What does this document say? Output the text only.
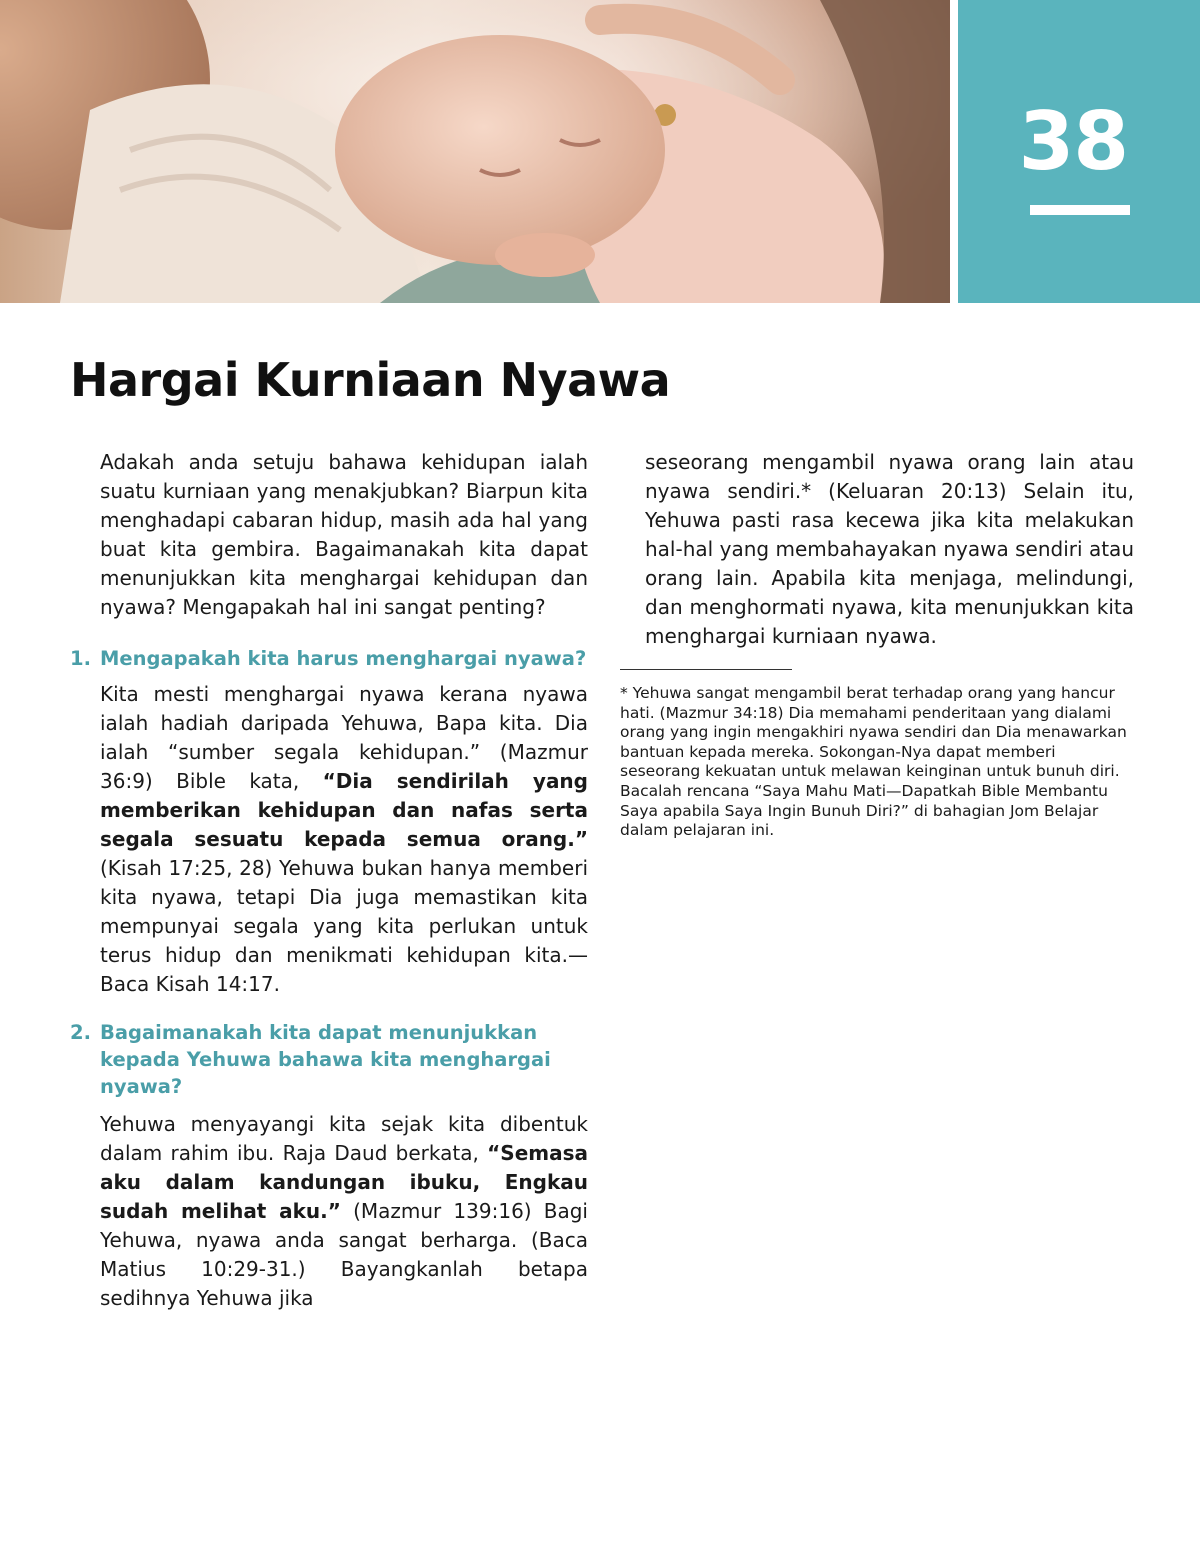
38
Hargai Kurniaan Nyawa

Adakah anda setuju bahawa kehidupan ialah suatu kurniaan yang menakjubkan? Biarpun kita menghadapi cabaran hidup, masih ada hal yang buat kita gembira. Bagaimanakah kita dapat menunjukkan kita menghargai kehidupan dan nyawa? Mengapakah hal ini sangat penting?

1. Mengapakah kita harus menghargai nyawa?

Kita mesti menghargai nyawa kerana nyawa ialah hadiah daripada Yehuwa, Bapa kita. Dia ialah “sumber segala kehidupan.” (Mazmur 36:9) Bible kata, “Dia sendirilah yang memberikan kehidupan dan nafas serta segala sesuatu kepada semua orang.” (Kisah 17:25, 28) Yehuwa bukan hanya memberi kita nyawa, tetapi Dia juga memastikan kita mempunyai segala yang kita perlukan untuk terus hidup dan menikmati kehidupan kita.—Baca Kisah 14:17.

2. Bagaimanakah kita dapat menunjukkan kepada Yehuwa bahawa kita menghargai nyawa?

Yehuwa menyayangi kita sejak kita dibentuk dalam rahim ibu. Raja Daud berkata, “Semasa aku dalam kandungan ibuku, Engkau sudah melihat aku.” (Mazmur 139:16) Bagi Yehuwa, nyawa anda sangat berharga. (Baca Matius 10:29-31.) Bayangkanlah betapa sedihnya Yehuwa jika

seseorang mengambil nyawa orang lain atau nyawa sendiri.* (Keluaran 20:13) Selain itu, Yehuwa pasti rasa kecewa jika kita melakukan hal-hal yang membahayakan nyawa sendiri atau orang lain. Apabila kita menjaga, melindungi, dan menghormati nyawa, kita menunjukkan kita menghargai kurniaan nyawa.

* Yehuwa sangat mengambil berat terhadap orang yang hancur hati. (Mazmur 34:18) Dia memahami penderitaan yang dialami orang yang ingin mengakhiri nyawa sendiri dan Dia menawarkan bantuan kepada mereka. Sokongan-Nya dapat memberi seseorang kekuatan untuk melawan keinginan untuk bunuh diri. Bacalah rencana “Saya Mahu Mati—Dapatkah Bible Membantu Saya apabila Saya Ingin Bunuh Diri?” di bahagian Jom Belajar dalam pelajaran ini.
